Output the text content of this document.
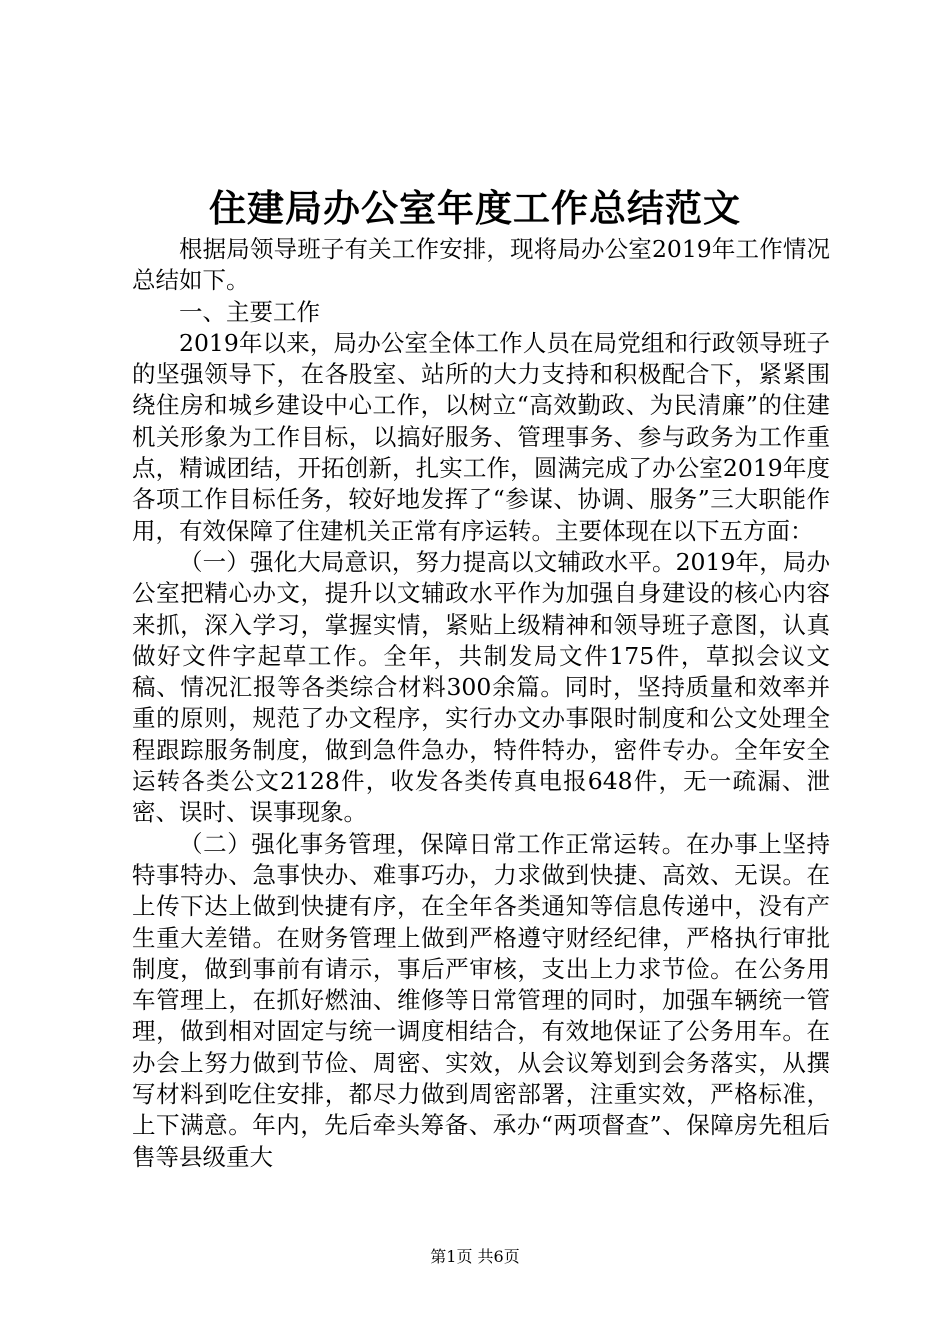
住建局办公室年度工作总结范文

根据局领导班子有关工作安排，现将局办公室2019年工作情况总结如下。

一、主要工作

2019年以来，局办公室全体工作人员在局党组和行政领导班子的坚强领导下，在各股室、站所的大力支持和积极配合下，紧紧围绕住房和城乡建设中心工作，以树立“高效勤政、为民清廉”的住建机关形象为工作目标，以搞好服务、管理事务、参与政务为工作重点，精诚团结，开拓创新，扎实工作，圆满完成了办公室2019年度各项工作目标任务，较好地发挥了“参谋、协调、服务”三大职能作用，有效保障了住建机关正常有序运转。主要体现在以下五方面：

（一）强化大局意识，努力提高以文辅政水平。2019年，局办公室把精心办文，提升以文辅政水平作为加强自身建设的核心内容来抓，深入学习，掌握实情，紧贴上级精神和领导班子意图，认真做好文件字起草工作。全年，共制发局文件175件，草拟会议文稿、情况汇报等各类综合材料300余篇。同时，坚持质量和效率并重的原则，规范了办文程序，实行办文办事限时制度和公文处理全程跟踪服务制度，做到急件急办，特件特办，密件专办。全年安全运转各类公文2128件，收发各类传真电报648件，无一疏漏、泄密、误时、误事现象。

（二）强化事务管理，保障日常工作正常运转。在办事上坚持特事特办、急事快办、难事巧办，力求做到快捷、高效、无误。在上传下达上做到快捷有序，在全年各类通知等信息传递中，没有产生重大差错。在财务管理上做到严格遵守财经纪律，严格执行审批制度，做到事前有请示，事后严审核，支出上力求节俭。在公务用车管理上，在抓好燃油、维修等日常管理的同时，加强车辆统一管理，做到相对固定与统一调度相结合，有效地保证了公务用车。在办会上努力做到节俭、周密、实效，从会议筹划到会务落实，从撰写材料到吃住安排，都尽力做到周密部署，注重实效，严格标准，上下满意。年内，先后牵头筹备、承办“两项督查”、保障房先租后售等县级重大

第1页 共6页
